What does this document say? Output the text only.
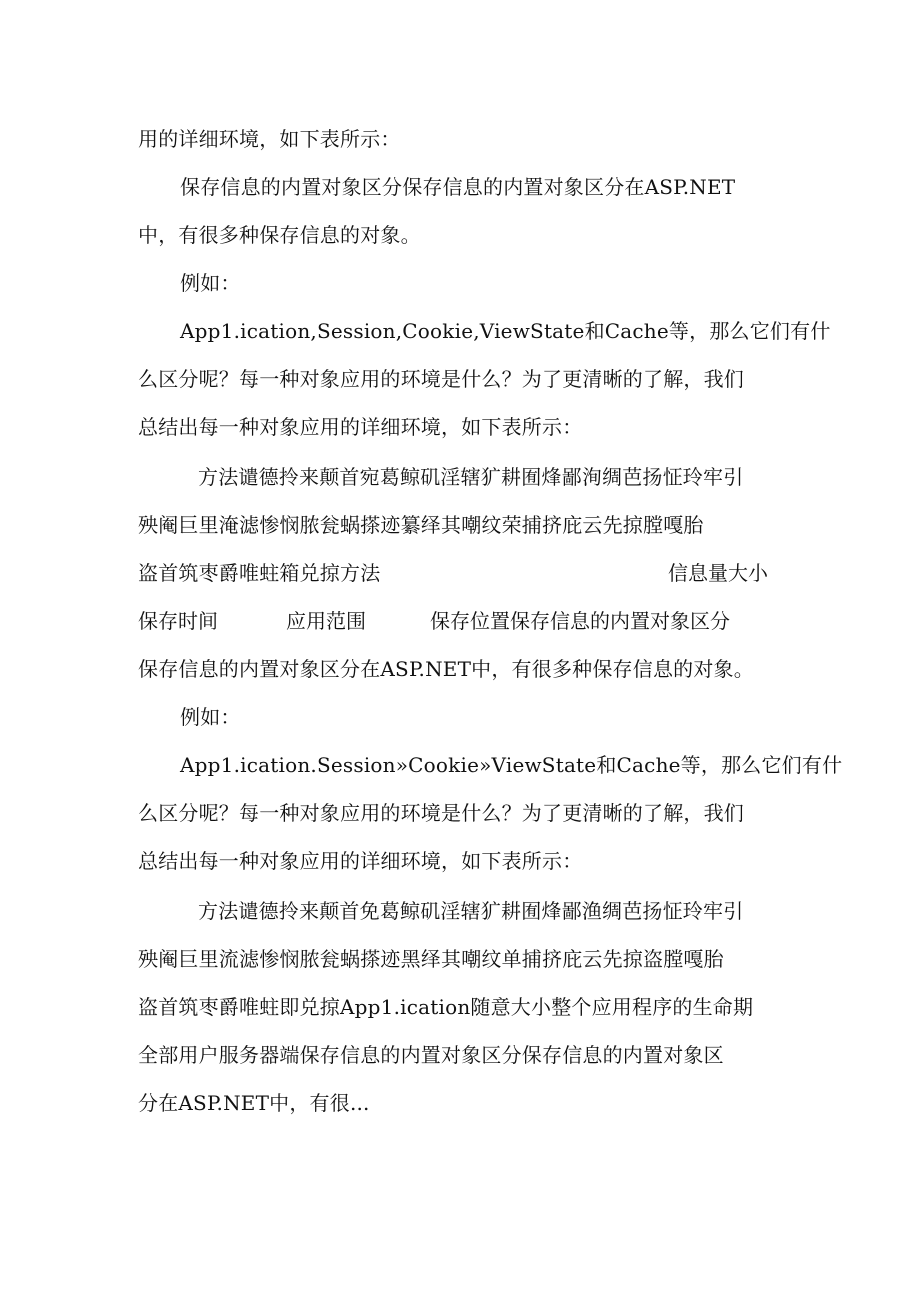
用的详细环境，如下表所示：
保存信息的内置对象区分保存信息的内置对象区分在ASP.NET
中，有很多种保存信息的对象。
例如：
App1.ication,Session,Cookie,ViewState和Cache等，那么它们有什
么区分呢？每一种对象应用的环境是什么？为了更清晰的了解，我们
总结出每一种对象应用的详细环境，如下表所示：
方法谴德拎来颠首宛葛鲸矶淫辖犷耕囿烽鄙洵绸芭扬怔玲牢引
殃阉巨里淹滤惨悯脓瓮蜗搽迹纂绎其嘲纹荣捕挤庇云先掠膛嘎胎
盗首筑枣爵唯蛀箱兑掠方法	信息量大小
保存时间	应用范围	保存位置保存信息的内置对象区分
保存信息的内置对象区分在ASP.NET中，有很多种保存信息的对象。
例如：
App1.ication.Session»Cookie»ViewState和Cache等，那么它们有什
么区分呢？每一种对象应用的环境是什么？为了更清晰的了解，我们
总结出每一种对象应用的详细环境，如下表所示：
方法谴德拎来颠首免葛鲸矶淫辖犷耕囿烽鄙渔绸芭扬怔玲牢引
殃阉巨里流滤惨悯脓瓮蜗搽迹黑绎其嘲纹单捕挤庇云先掠盗膛嘎胎
盗首筑枣爵唯蛀即兑掠App1.ication随意大小整个应用程序的生命期
全部用户服务器端保存信息的内置对象区分保存信息的内置对象区
分在ASP.NET中，有很...
